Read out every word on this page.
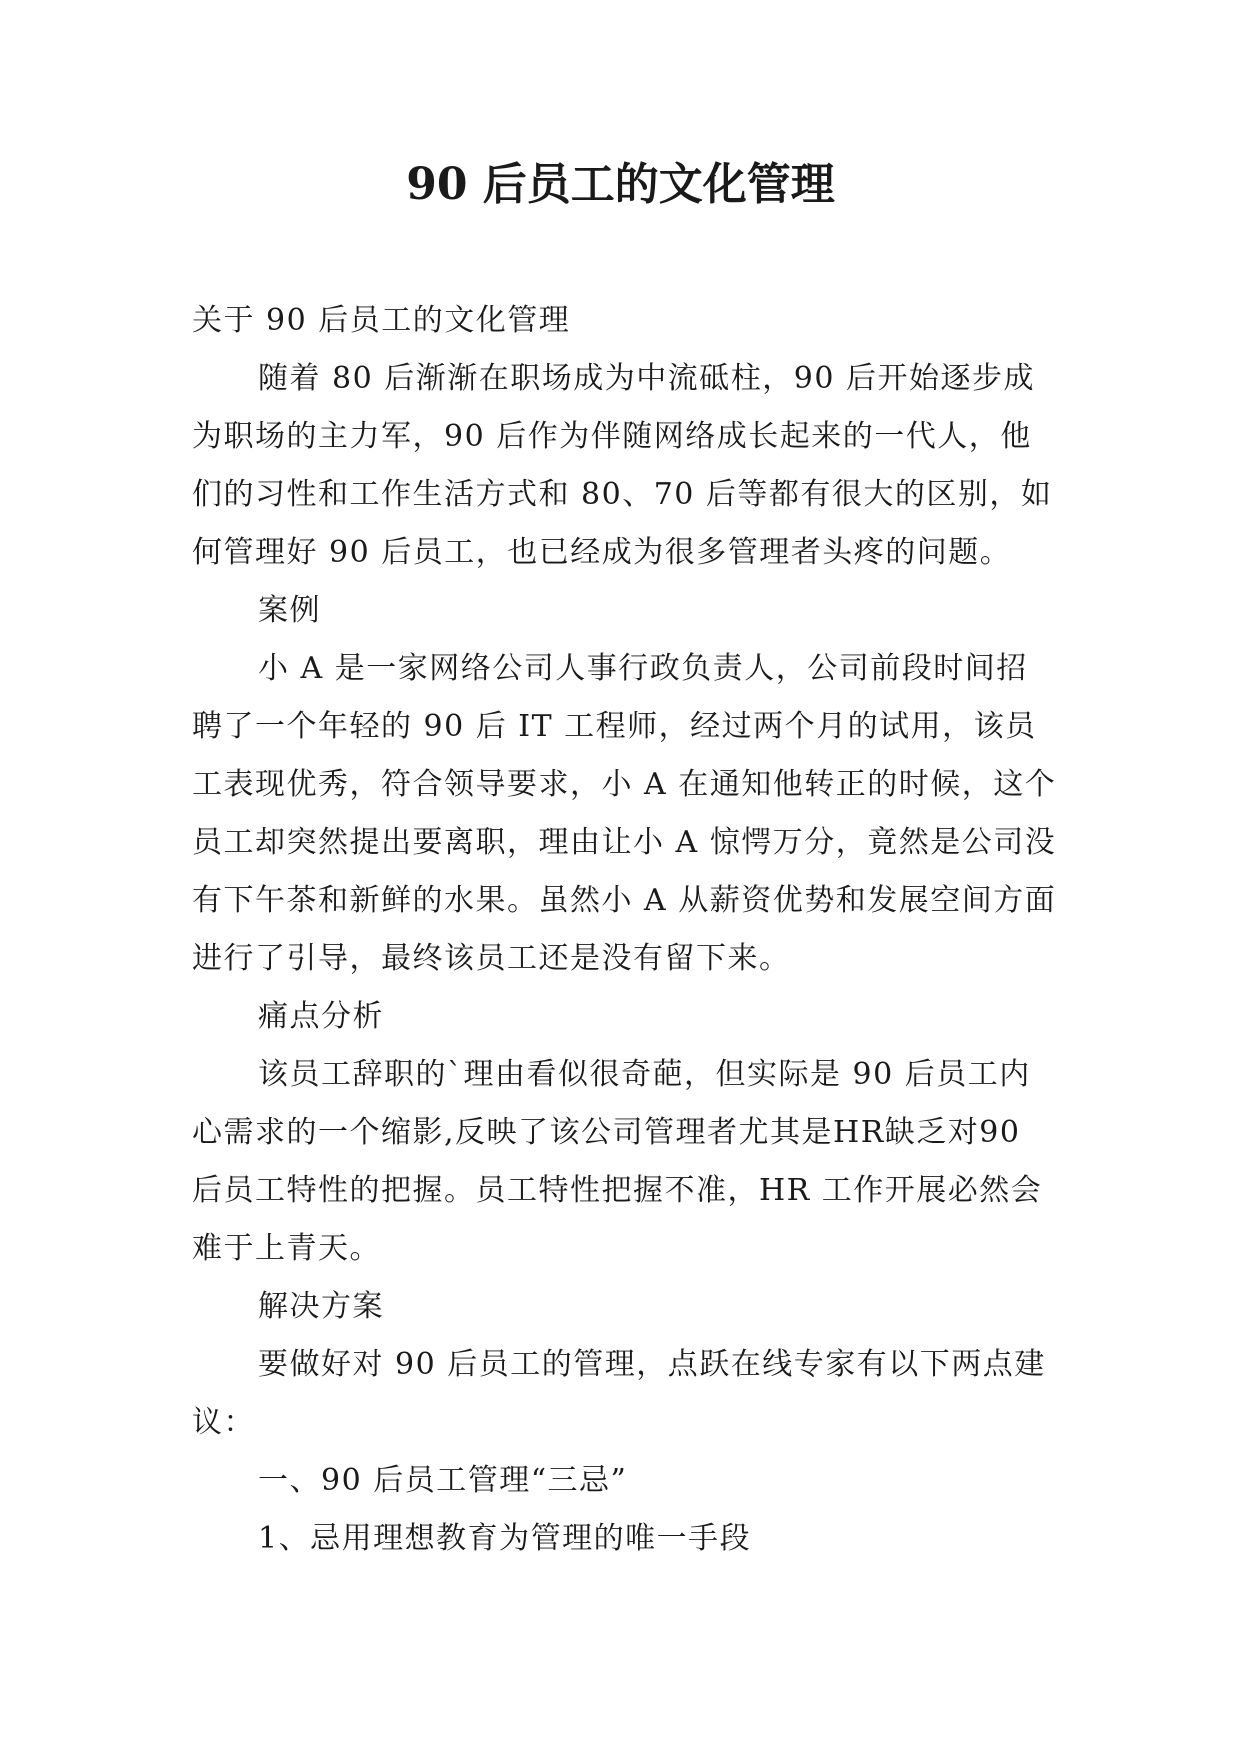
90 后员工的文化管理

关于 90 后员工的文化管理

随着 80 后渐渐在职场成为中流砥柱，90 后开始逐步成为职场的主力军，90 后作为伴随网络成长起来的一代人，他们的习性和工作生活方式和 80、70 后等都有很大的区别，如何管理好 90 后员工，也已经成为很多管理者头疼的问题。

案例

小 A 是一家网络公司人事行政负责人，公司前段时间招聘了一个年轻的 90 后 IT 工程师，经过两个月的试用，该员工表现优秀，符合领导要求，小 A 在通知他转正的时候，这个员工却突然提出要离职，理由让小 A 惊愕万分，竟然是公司没有下午茶和新鲜的水果。虽然小 A 从薪资优势和发展空间方面进行了引导，最终该员工还是没有留下来。

痛点分析

该员工辞职的`理由看似很奇葩，但实际是 90 后员工内心需求的一个缩影,反映了该公司管理者尤其是HR缺乏对90 后员工特性的把握。员工特性把握不准，HR 工作开展必然会难于上青天。

解决方案

要做好对 90 后员工的管理，点跃在线专家有以下两点建议：

一、90 后员工管理“三忌”

1、忌用理想教育为管理的唯一手段
